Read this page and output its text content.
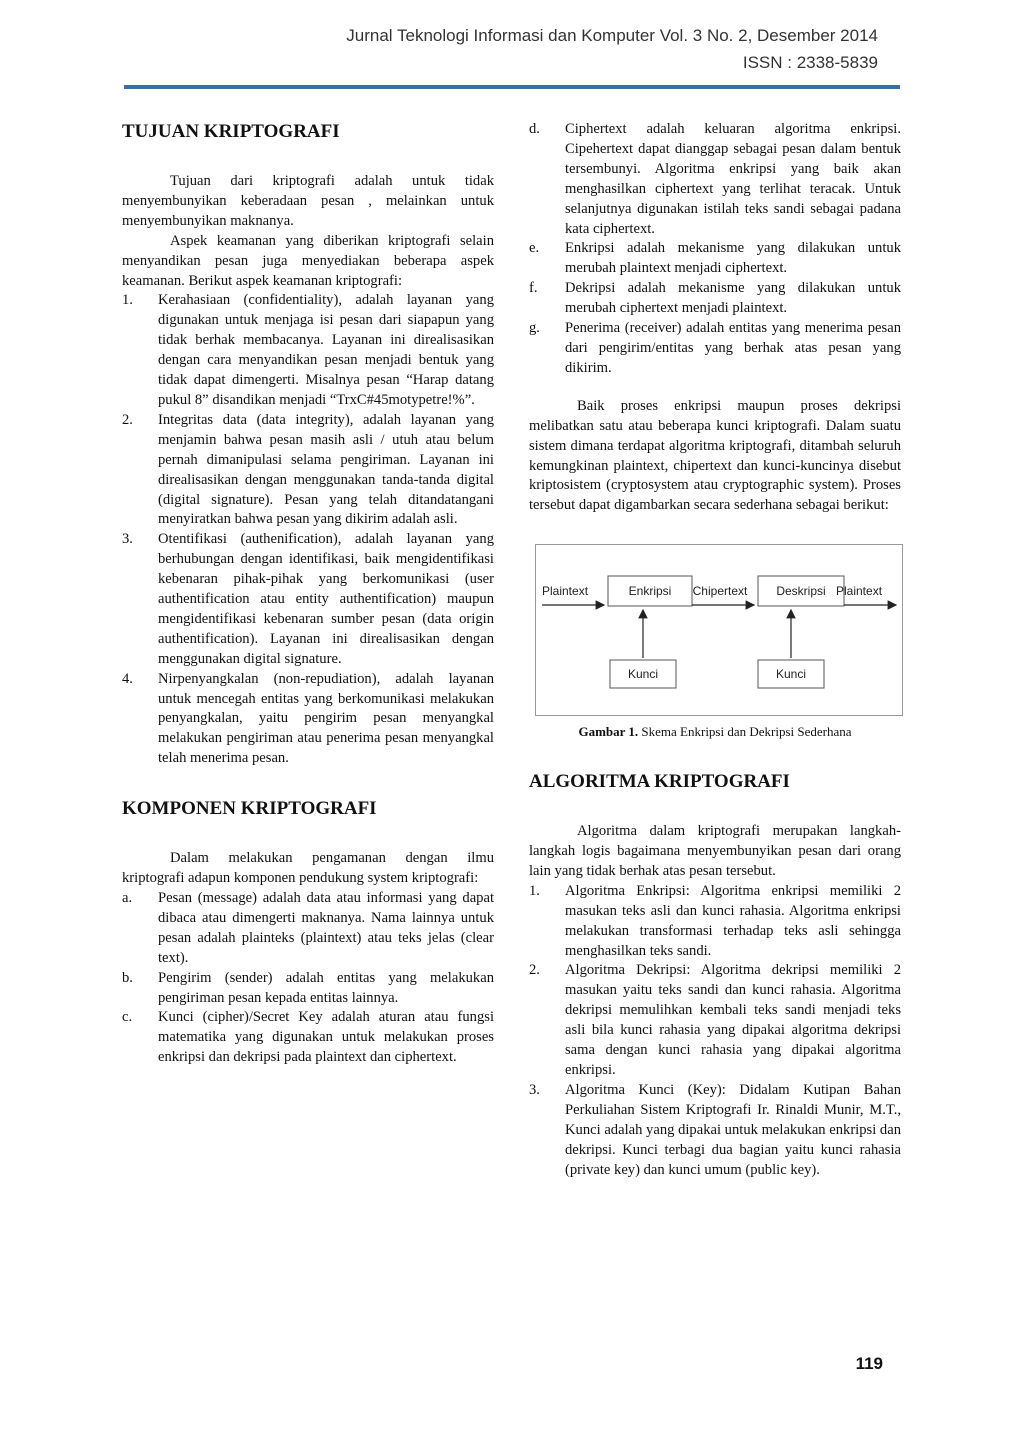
Jurnal Teknologi Informasi dan Komputer Vol. 3 No. 2, Desember 2014
ISSN : 2338-5839
TUJUAN KRIPTOGRAFI

Tujuan dari kriptografi adalah untuk tidak menyembunyikan keberadaan pesan , melainkan untuk menyembunyikan maknanya.

Aspek keamanan yang diberikan kriptografi selain menyandikan pesan juga menyediakan beberapa aspek keamanan. Berikut aspek keamanan kriptografi:

1.	Kerahasiaan (confidentiality), adalah layanan yang digunakan untuk menjaga isi pesan dari siapapun yang tidak berhak membacanya. Layanan ini direalisasikan dengan cara menyandikan pesan menjadi bentuk yang tidak dapat dimengerti. Misalnya pesan “Harap datang pukul 8” disandikan menjadi “TrxC#45motypetre!%”.
2.	Integritas data (data integrity), adalah layanan yang menjamin bahwa pesan masih asli / utuh atau belum pernah dimanipulasi selama pengiriman. Layanan ini direalisasikan dengan menggunakan tanda-tanda digital (digital signature). Pesan yang telah ditandatangani menyiratkan bahwa pesan yang dikirim adalah asli.
3.	Otentifikasi (authenification), adalah layanan yang berhubungan dengan identifikasi, baik mengidentifikasi kebenaran pihak-pihak yang berkomunikasi (user authentification atau entity authentification) maupun mengidentifikasi kebenaran sumber pesan (data origin authentification). Layanan ini direalisasikan dengan menggunakan digital signature.
4.	Nirpenyangkalan (non-repudiation), adalah layanan untuk mencegah entitas yang berkomunikasi melakukan penyangkalan, yaitu pengirim pesan menyangkal melakukan pengiriman atau penerima pesan menyangkal telah menerima pesan.
KOMPONEN KRIPTOGRAFI

Dalam melakukan pengamanan dengan ilmu kriptografi adapun komponen pendukung system kriptografi:

a.	Pesan (message) adalah data atau informasi yang dapat dibaca atau dimengerti maknanya. Nama lainnya untuk pesan adalah plainteks (plaintext) atau teks jelas (clear text).
b.	Pengirim (sender) adalah entitas yang melakukan pengiriman pesan kepada entitas lainnya.
c.	Kunci (cipher)/Secret Key adalah aturan atau fungsi matematika yang digunakan untuk melakukan proses enkripsi dan dekripsi pada plaintext dan ciphertext.
d.	Ciphertext adalah keluaran algoritma enkripsi. Cipehertext dapat dianggap sebagai pesan dalam bentuk tersembunyi. Algoritma enkripsi yang baik akan menghasilkan ciphertext yang terlihat teracak. Untuk selanjutnya digunakan istilah teks sandi sebagai padana kata ciphertext.
e.	Enkripsi adalah mekanisme yang dilakukan untuk merubah plaintext menjadi ciphertext.
f.	Dekripsi adalah mekanisme yang dilakukan untuk merubah ciphertext menjadi plaintext.
g.	Penerima (receiver) adalah entitas yang menerima pesan dari pengirim/entitas yang berhak atas pesan yang dikirim.

Baik proses enkripsi maupun proses dekripsi melibatkan satu atau beberapa kunci kriptografi. Dalam suatu sistem dimana terdapat algoritma kriptografi, ditambah seluruh kemungkinan plaintext, chipertext dan kunci-kuncinya disebut kriptosistem (cryptosystem atau cryptographic system). Proses tersebut dapat digambarkan secara sederhana sebagai berikut:

Plaintext	Enkripsi Chipertext Deskripsi Plaintext
Kunci	Kunci
Gambar 1. Skema Enkripsi dan Dekripsi Sederhana
ALGORITMA KRIPTOGRAFI

Algoritma dalam kriptografi merupakan langkah-langkah logis bagaimana menyembunyikan pesan dari orang lain yang tidak berhak atas pesan tersebut.

1.	Algoritma Enkripsi: Algoritma enkripsi memiliki 2 masukan teks asli dan kunci rahasia. Algoritma enkripsi melakukan transformasi terhadap teks asli sehingga menghasilkan teks sandi.
2.	Algoritma Dekripsi: Algoritma dekripsi memiliki 2 masukan yaitu teks sandi dan kunci rahasia. Algoritma dekripsi memulihkan kembali teks sandi menjadi teks asli bila kunci rahasia yang dipakai algoritma dekripsi sama dengan kunci rahasia yang dipakai algoritma enkripsi.
3.	Algoritma Kunci (Key): Didalam Kutipan Bahan Perkuliahan Sistem Kriptografi Ir. Rinaldi Munir, M.T., Kunci adalah yang dipakai untuk melakukan enkripsi dan dekripsi. Kunci terbagi dua bagian yaitu kunci rahasia (private key) dan kunci umum (public key).
119
